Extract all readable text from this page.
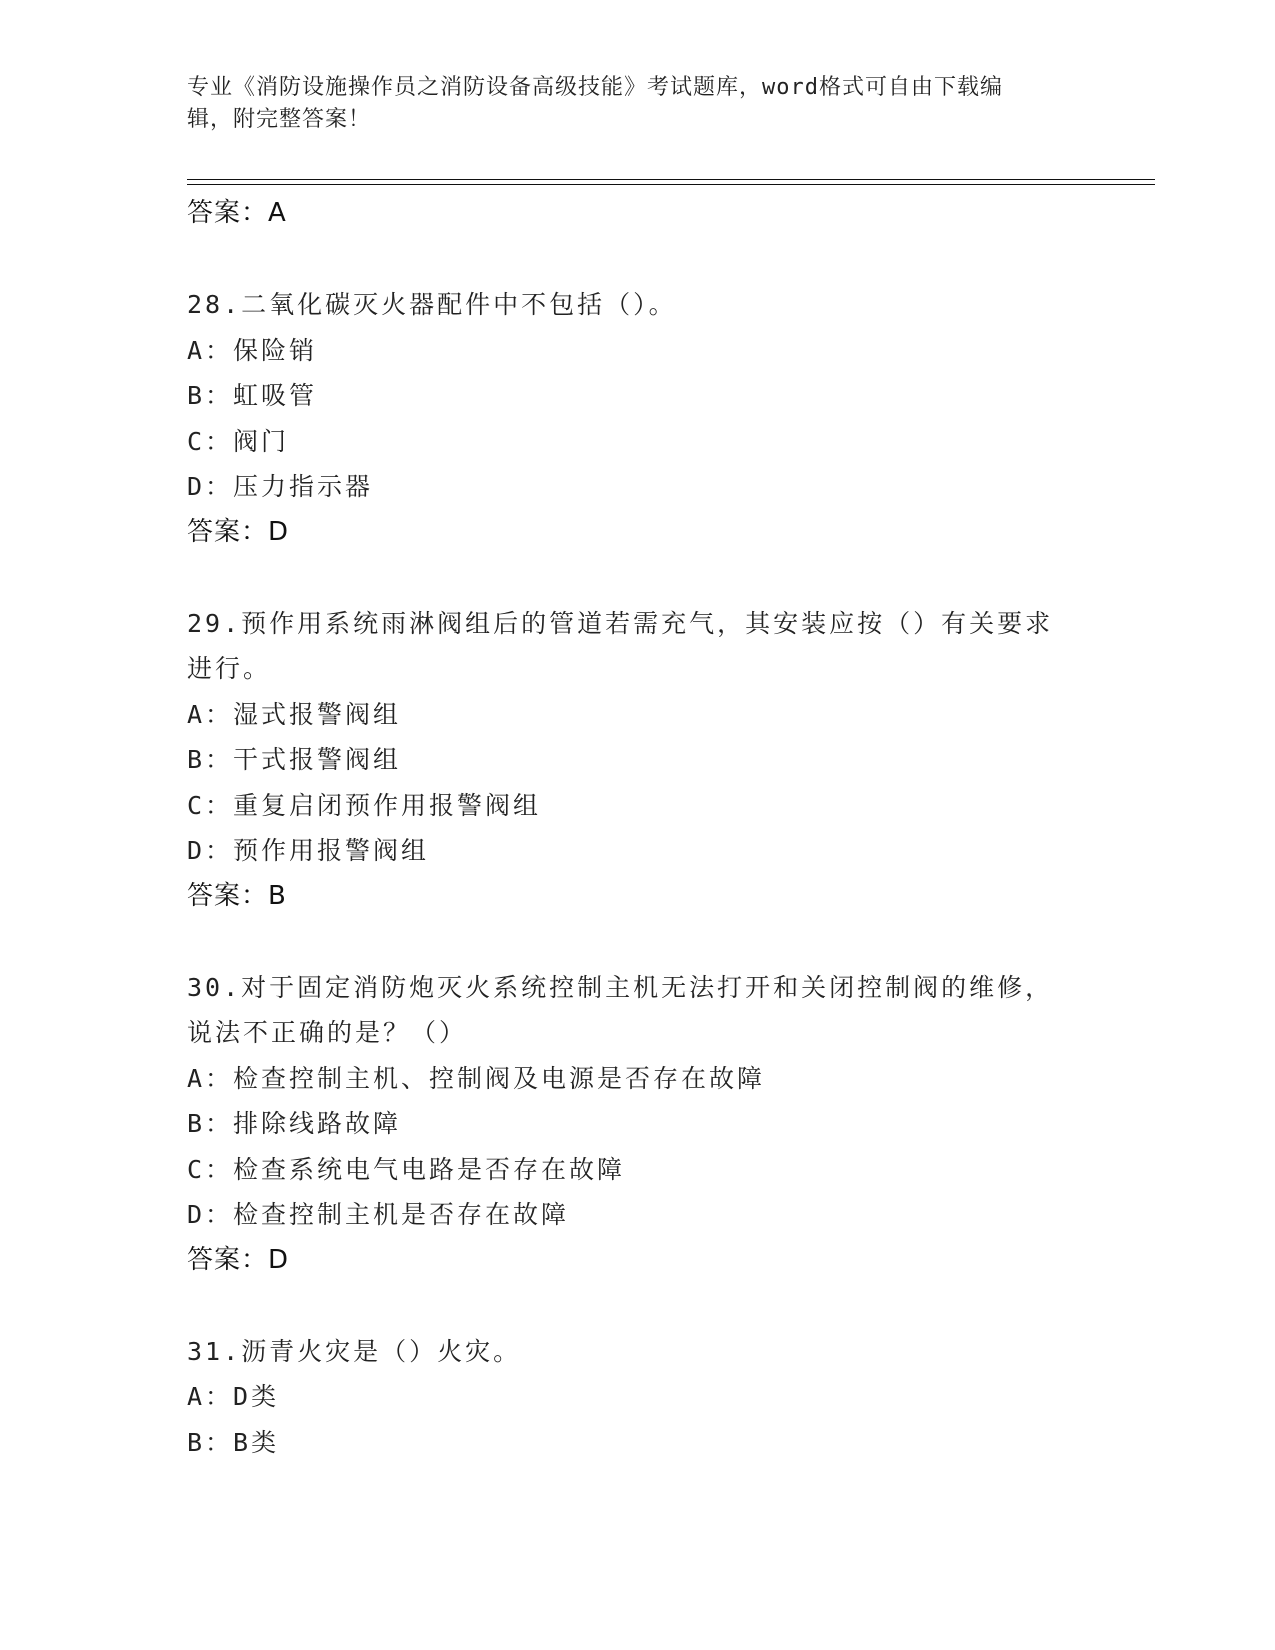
专业《消防设施操作员之消防设备高级技能》考试题库，word格式可自由下载编
辑，附完整答案！
答案：A
28.二氧化碳灭火器配件中不包括（）。
A：保险销
B：虹吸管
C：阀门
D：压力指示器
答案：D
29.预作用系统雨淋阀组后的管道若需充气，其安装应按（）有关要求
进行。
A：湿式报警阀组
B：干式报警阀组
C：重复启闭预作用报警阀组
D：预作用报警阀组
答案：B
30.对于固定消防炮灭火系统控制主机无法打开和关闭控制阀的维修，
说法不正确的是？（）
A：检查控制主机、控制阀及电源是否存在故障
B：排除线路故障
C：检查系统电气电路是否存在故障
D：检查控制主机是否存在故障
答案：D
31.沥青火灾是（）火灾。
A：D类
B：B类
